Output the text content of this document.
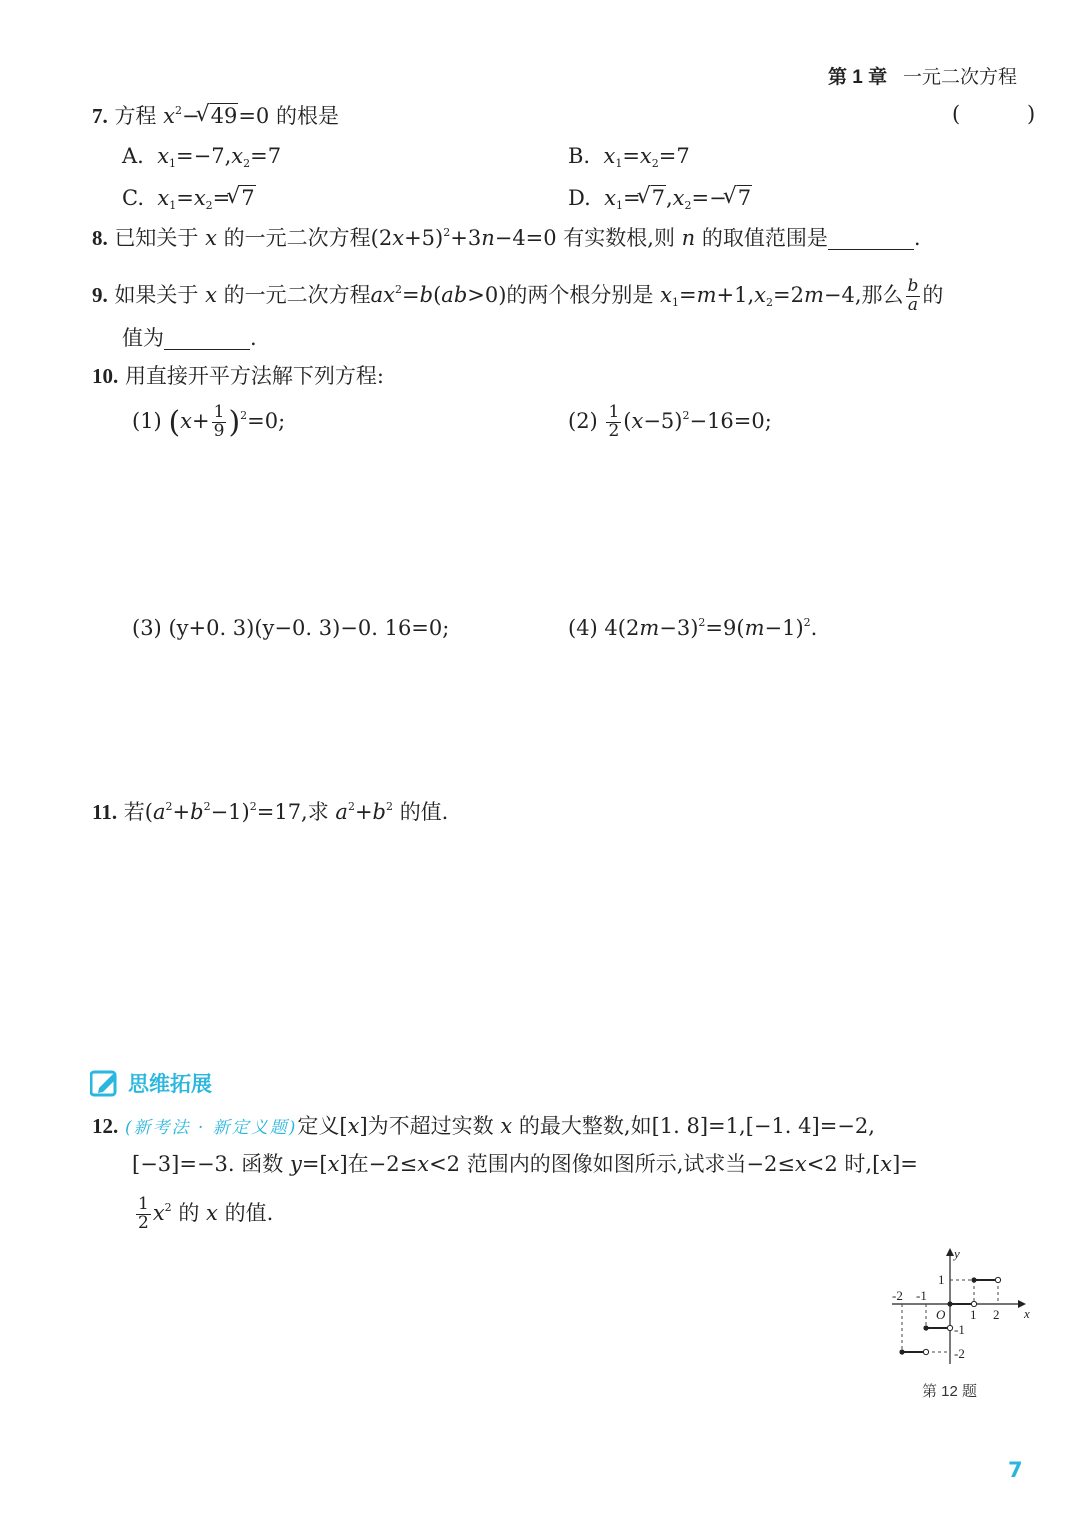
第 1 章 一元二次方程
7. 方程 $x^2-√$ 49=0 的根是	(          )
A. $x_1=-7,x_2=7$	B. $x_1=x_2=7$
C. $x_1=x_2=√$ 7	D. $x_1=√$ $7,x_2=-√$ 7
8. 已知关于 x 的一元二次方程$(2x+5)^2+3n-4=0$ 有实数根,则 n 的取值范围是	.
9. 如果关于 x 的一元二次方程$ax^2=b(ab>0)$的两个根分别是 $x_1=m+1,x_2=2m-4$,那么 $\frac{b}{a}$ 的
值为	.
10. 用直接开平方法解下列方程:
(1) $(x+ \frac{1}{9} )^2=0$;	$(2) \frac{1}{2} (x-5)^2-16=0$;
(3) (y+0. 3)(y−0. 3)−0. 16=0;	(4) $4(2m-3)^2=9(m-1)^2$.
11. 若$(a^2+b^2-1)^2=17$,求 $a^2+b^2$ 的值.
思维拓展
12. (新考法 · 新定义题)定义[x]为不超过实数 x 的最大整数,如[1. 8]=1,[−1. 4]=−2,
[−3]=−3. 函数 y=[x]在−2≤x<2 范围内的图像如图所示,试求当−2≤x<2 时,[x]=
$\frac{1}{2} x^2$ 的 x 的值.
x
y
O
-2 -1
1 2
1
-1
-2
第 12 题
7
